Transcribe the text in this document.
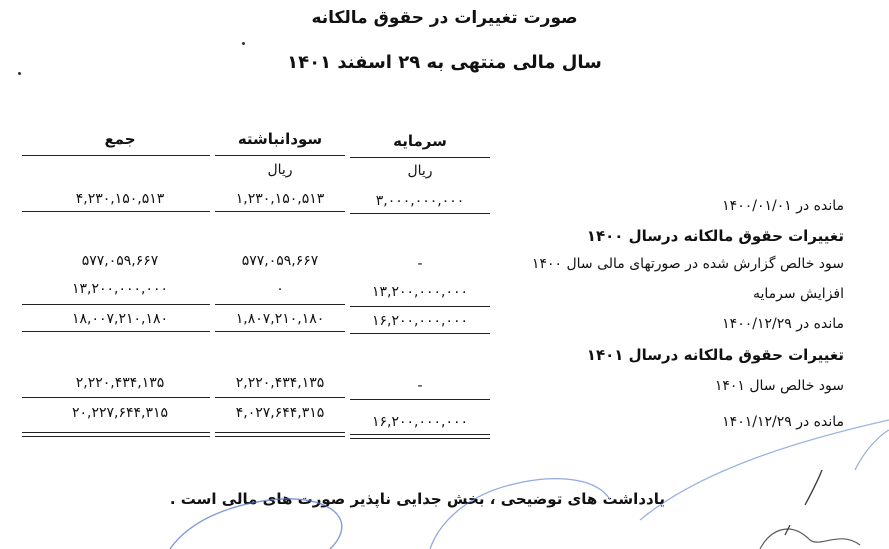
صورت تغییرات در حقوق مالکانه
سال مالی منتهی به ۲۹ اسفند ۱۴۰۱
سرمایه
سودانباشته
جمع
ریال
ریال
مانده در ۱۴۰۰/۰۱/۰۱
۳,۰۰۰,۰۰۰,۰۰۰
۱,۲۳۰,۱۵۰,۵۱۳
۴,۲۳۰,۱۵۰,۵۱۳
تغییرات حقوق مالکانه درسال ۱۴۰۰
سود خالص گزارش شده در صورتهای مالی سال ۱۴۰۰
-
۵۷۷,۰۵۹,۶۶۷
۵۷۷,۰۵۹,۶۶۷
افزایش سرمایه
۱۳,۲۰۰,۰۰۰,۰۰۰
۰
۱۳,۲۰۰,۰۰۰,۰۰۰
مانده در ۱۴۰۰/۱۲/۲۹
۱۶,۲۰۰,۰۰۰,۰۰۰
۱,۸۰۷,۲۱۰,۱۸۰
۱۸,۰۰۷,۲۱۰,۱۸۰
تغییرات حقوق مالکانه درسال ۱۴۰۱
سود خالص سال ۱۴۰۱
-
۲,۲۲۰,۴۳۴,۱۳۵
۲,۲۲۰,۴۳۴,۱۳۵
مانده در ۱۴۰۱/۱۲/۲۹
۱۶,۲۰۰,۰۰۰,۰۰۰
۴,۰۲۷,۶۴۴,۳۱۵
۲۰,۲۲۷,۶۴۴,۳۱۵
یادداشت های توضیحی ، بخش جدایی ناپذیر صورت های مالی است .
